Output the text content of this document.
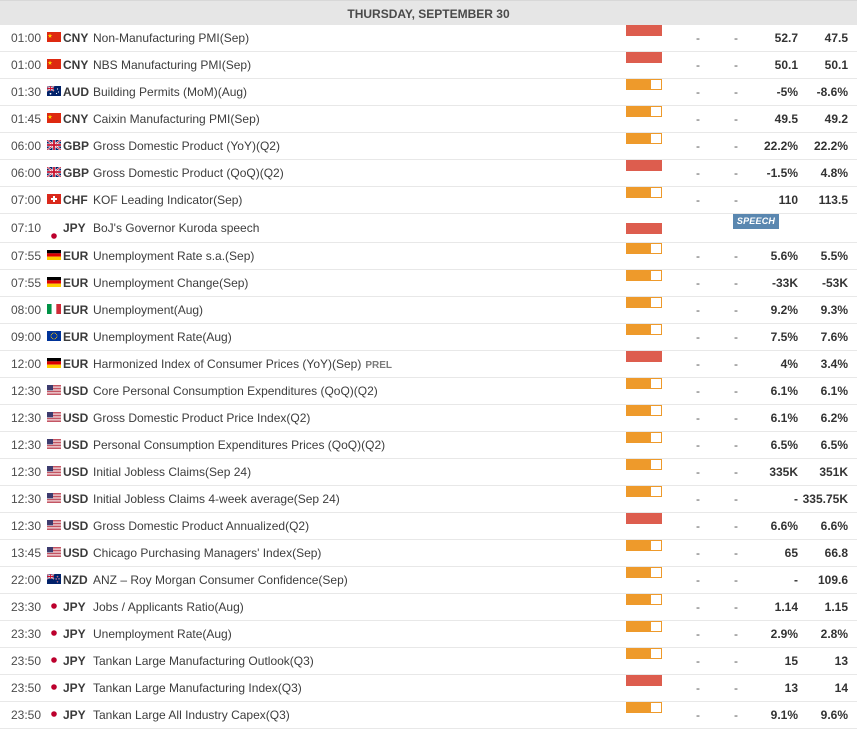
THURSDAY, SEPTEMBER 30
01:00 CNY Non-Manufacturing PMI(Sep)	-	-	52.7 47.5
01:00 CNY NBS Manufacturing PMI(Sep)	-	-	50.1 50.1
01:30 AUD Building Permits (MoM)(Aug)	-	-	-5% -8.6%
01:45 CNY Caixin Manufacturing PMI(Sep)	-	-	49.5 49.2
06:00 GBP Gross Domestic Product (YoY)(Q2)	-	-	22.2% 22.2%
06:00 GBP Gross Domestic Product (QoQ)(Q2)	-	-	-1.5% 4.8%
07:00 CHF KOF Leading Indicator(Sep)	-	-	110 113.5
07:10 JPY BoJ's Governor Kuroda speech	SPEECH
07:55 EUR Unemployment Rate s.a.(Sep)	-	-	5.6% 5.5%
07:55 EUR Unemployment Change(Sep)	-	-	-33K -53K
08:00 EUR Unemployment(Aug)	-	-	9.2% 9.3%
09:00 EUR Unemployment Rate(Aug)	-	-	7.5% 7.6%
12:00 EUR Harmonized Index of Consumer Prices (YoY)(Sep) PREL	-	-	4% 3.4%
12:30 USD Core Personal Consumption Expenditures (QoQ)(Q2)	-	-	6.1% 6.1%
12:30 USD Gross Domestic Product Price Index(Q2)	-	-	6.1% 6.2%
12:30 USD Personal Consumption Expenditures Prices (QoQ)(Q2)	-	-	6.5% 6.5%
12:30 USD Initial Jobless Claims(Sep 24)	-	-	335K 351K
12:30 USD Initial Jobless Claims 4-week average(Sep 24)	-	-	- 335.75K
12:30 USD Gross Domestic Product Annualized(Q2)	-	-	6.6% 6.6%
13:45 USD Chicago Purchasing Managers' Index(Sep)	-	-	65 66.8
22:00 NZD ANZ – Roy Morgan Consumer Confidence(Sep)	-	-	- 109.6
23:30 JPY Jobs / Applicants Ratio(Aug)	-	-	1.14 1.15
23:30 JPY Unemployment Rate(Aug)	-	-	2.9% 2.8%
23:50 JPY Tankan Large Manufacturing Outlook(Q3)	-	-	15	13
23:50 JPY Tankan Large Manufacturing Index(Q3)	-	-	13	14
23:50 JPY Tankan Large All Industry Capex(Q3)	-	-	9.1% 9.6%
